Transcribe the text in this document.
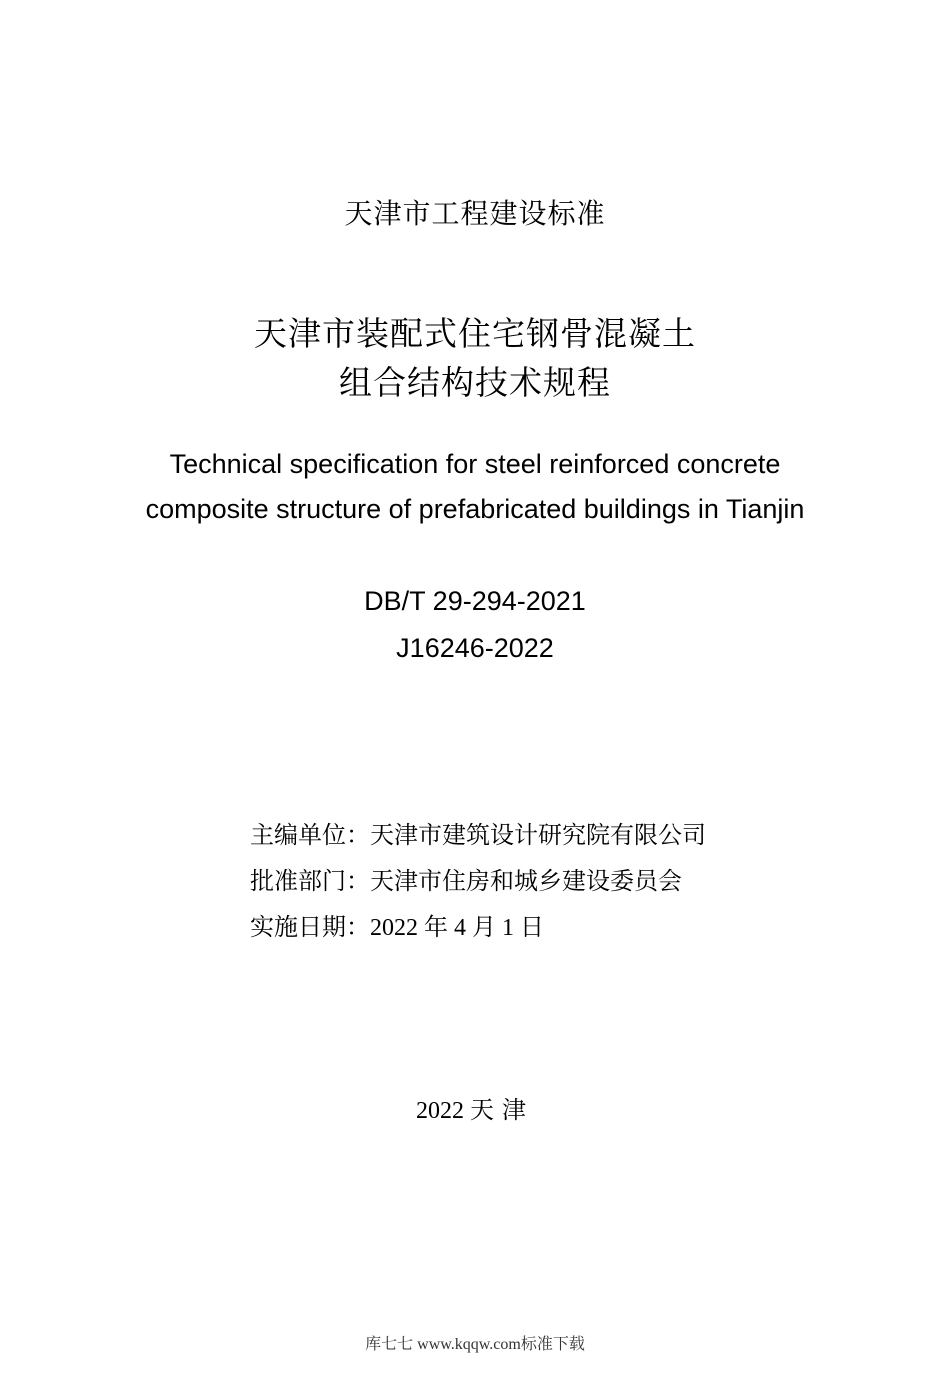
天津市工程建设标准
天津市装配式住宅钢骨混凝土
组合结构技术规程
Technical specification for steel reinforced concrete
composite structure of prefabricated buildings in Tianjin
DB/T 29-294-2021
J16246-2022
主编单位：天津市建筑设计研究院有限公司
批准部门：天津市住房和城乡建设委员会
实施日期：2022 年 4 月 1 日
2022 天津
库七七 www.kqqw.com标准下载
